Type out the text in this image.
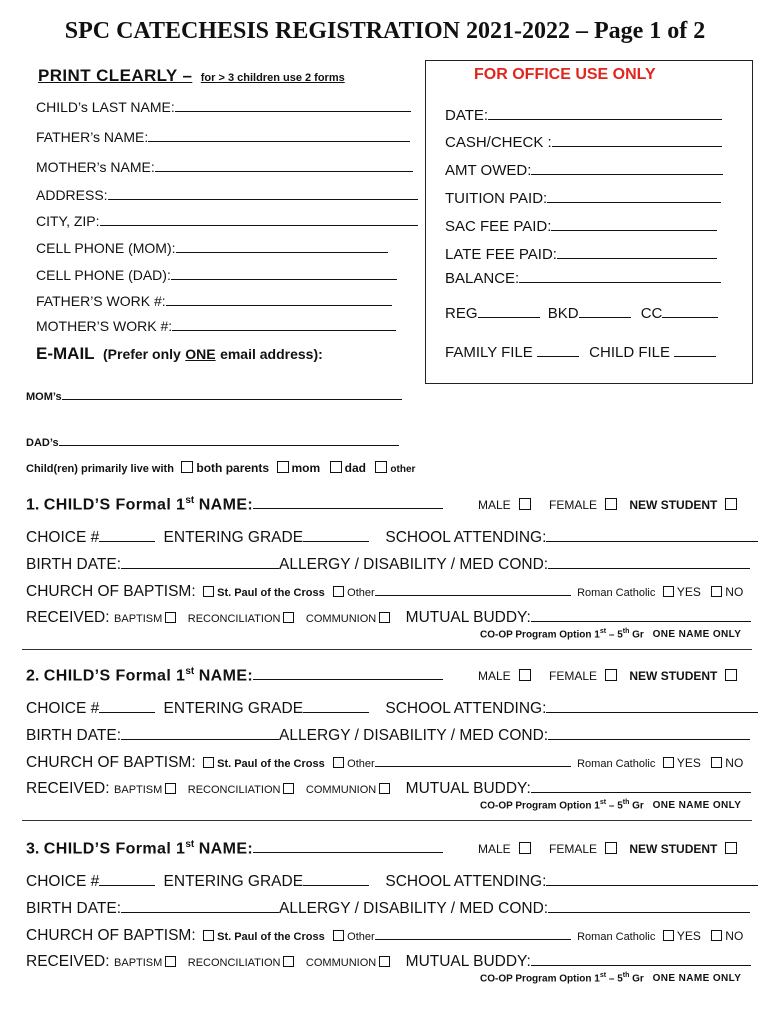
SPC CATECHESIS REGISTRATION 2021-2022 – Page 1 of 2
PRINT CLEARLY – for > 3 children use 2 forms
CHILD’s LAST NAME:
FATHER’s NAME:
MOTHER’s NAME:
ADDRESS:
CITY, ZIP:
CELL PHONE (MOM):
CELL PHONE (DAD):
FATHER’S WORK #:
MOTHER’S WORK #:
FOR OFFICE USE ONLY
DATE:
CASH/CHECK :
AMT OWED:
TUITION PAID:
SAC FEE PAID:
LATE FEE PAID:
BALANCE:
REG	BKD	CC
FAMILY FILE	CHILD FILE
E-MAIL (Prefer only ONE email address):
MOM’s
DAD’s
Child(ren) primarily live with both parents mom dad other
1. CHILD’S Formal 1st NAME:	MALE	FEMALE	NEW STUDENT
CHOICE #	ENTERING GRADE	SCHOOL ATTENDING:
BIRTH DATE:	ALLERGY / DISABILITY / MED COND:
CHURCH OF BAPTISM: St. Paul of the Cross Other	Roman Catholic YES NO
RECEIVED: BAPTISM RECONCILIATION COMMUNION MUTUAL BUDDY:
CO-OP Program Option 1st – 5th Gr ONE NAME ONLY
2. CHILD’S Formal 1st NAME:	MALE	FEMALE	NEW STUDENT
CHOICE #	ENTERING GRADE	SCHOOL ATTENDING:
BIRTH DATE:	ALLERGY / DISABILITY / MED COND:
CHURCH OF BAPTISM: St. Paul of the Cross Other	Roman Catholic YES NO
RECEIVED: BAPTISM RECONCILIATION COMMUNION MUTUAL BUDDY:
CO-OP Program Option 1st – 5th Gr ONE NAME ONLY
3. CHILD’S Formal 1st NAME:	MALE	FEMALE	NEW STUDENT
CHOICE #	ENTERING GRADE	SCHOOL ATTENDING:
BIRTH DATE:	ALLERGY / DISABILITY / MED COND:
CHURCH OF BAPTISM: St. Paul of the Cross Other	Roman Catholic YES NO
RECEIVED: BAPTISM RECONCILIATION COMMUNION MUTUAL BUDDY:
CO-OP Program Option 1st – 5th Gr ONE NAME ONLY
